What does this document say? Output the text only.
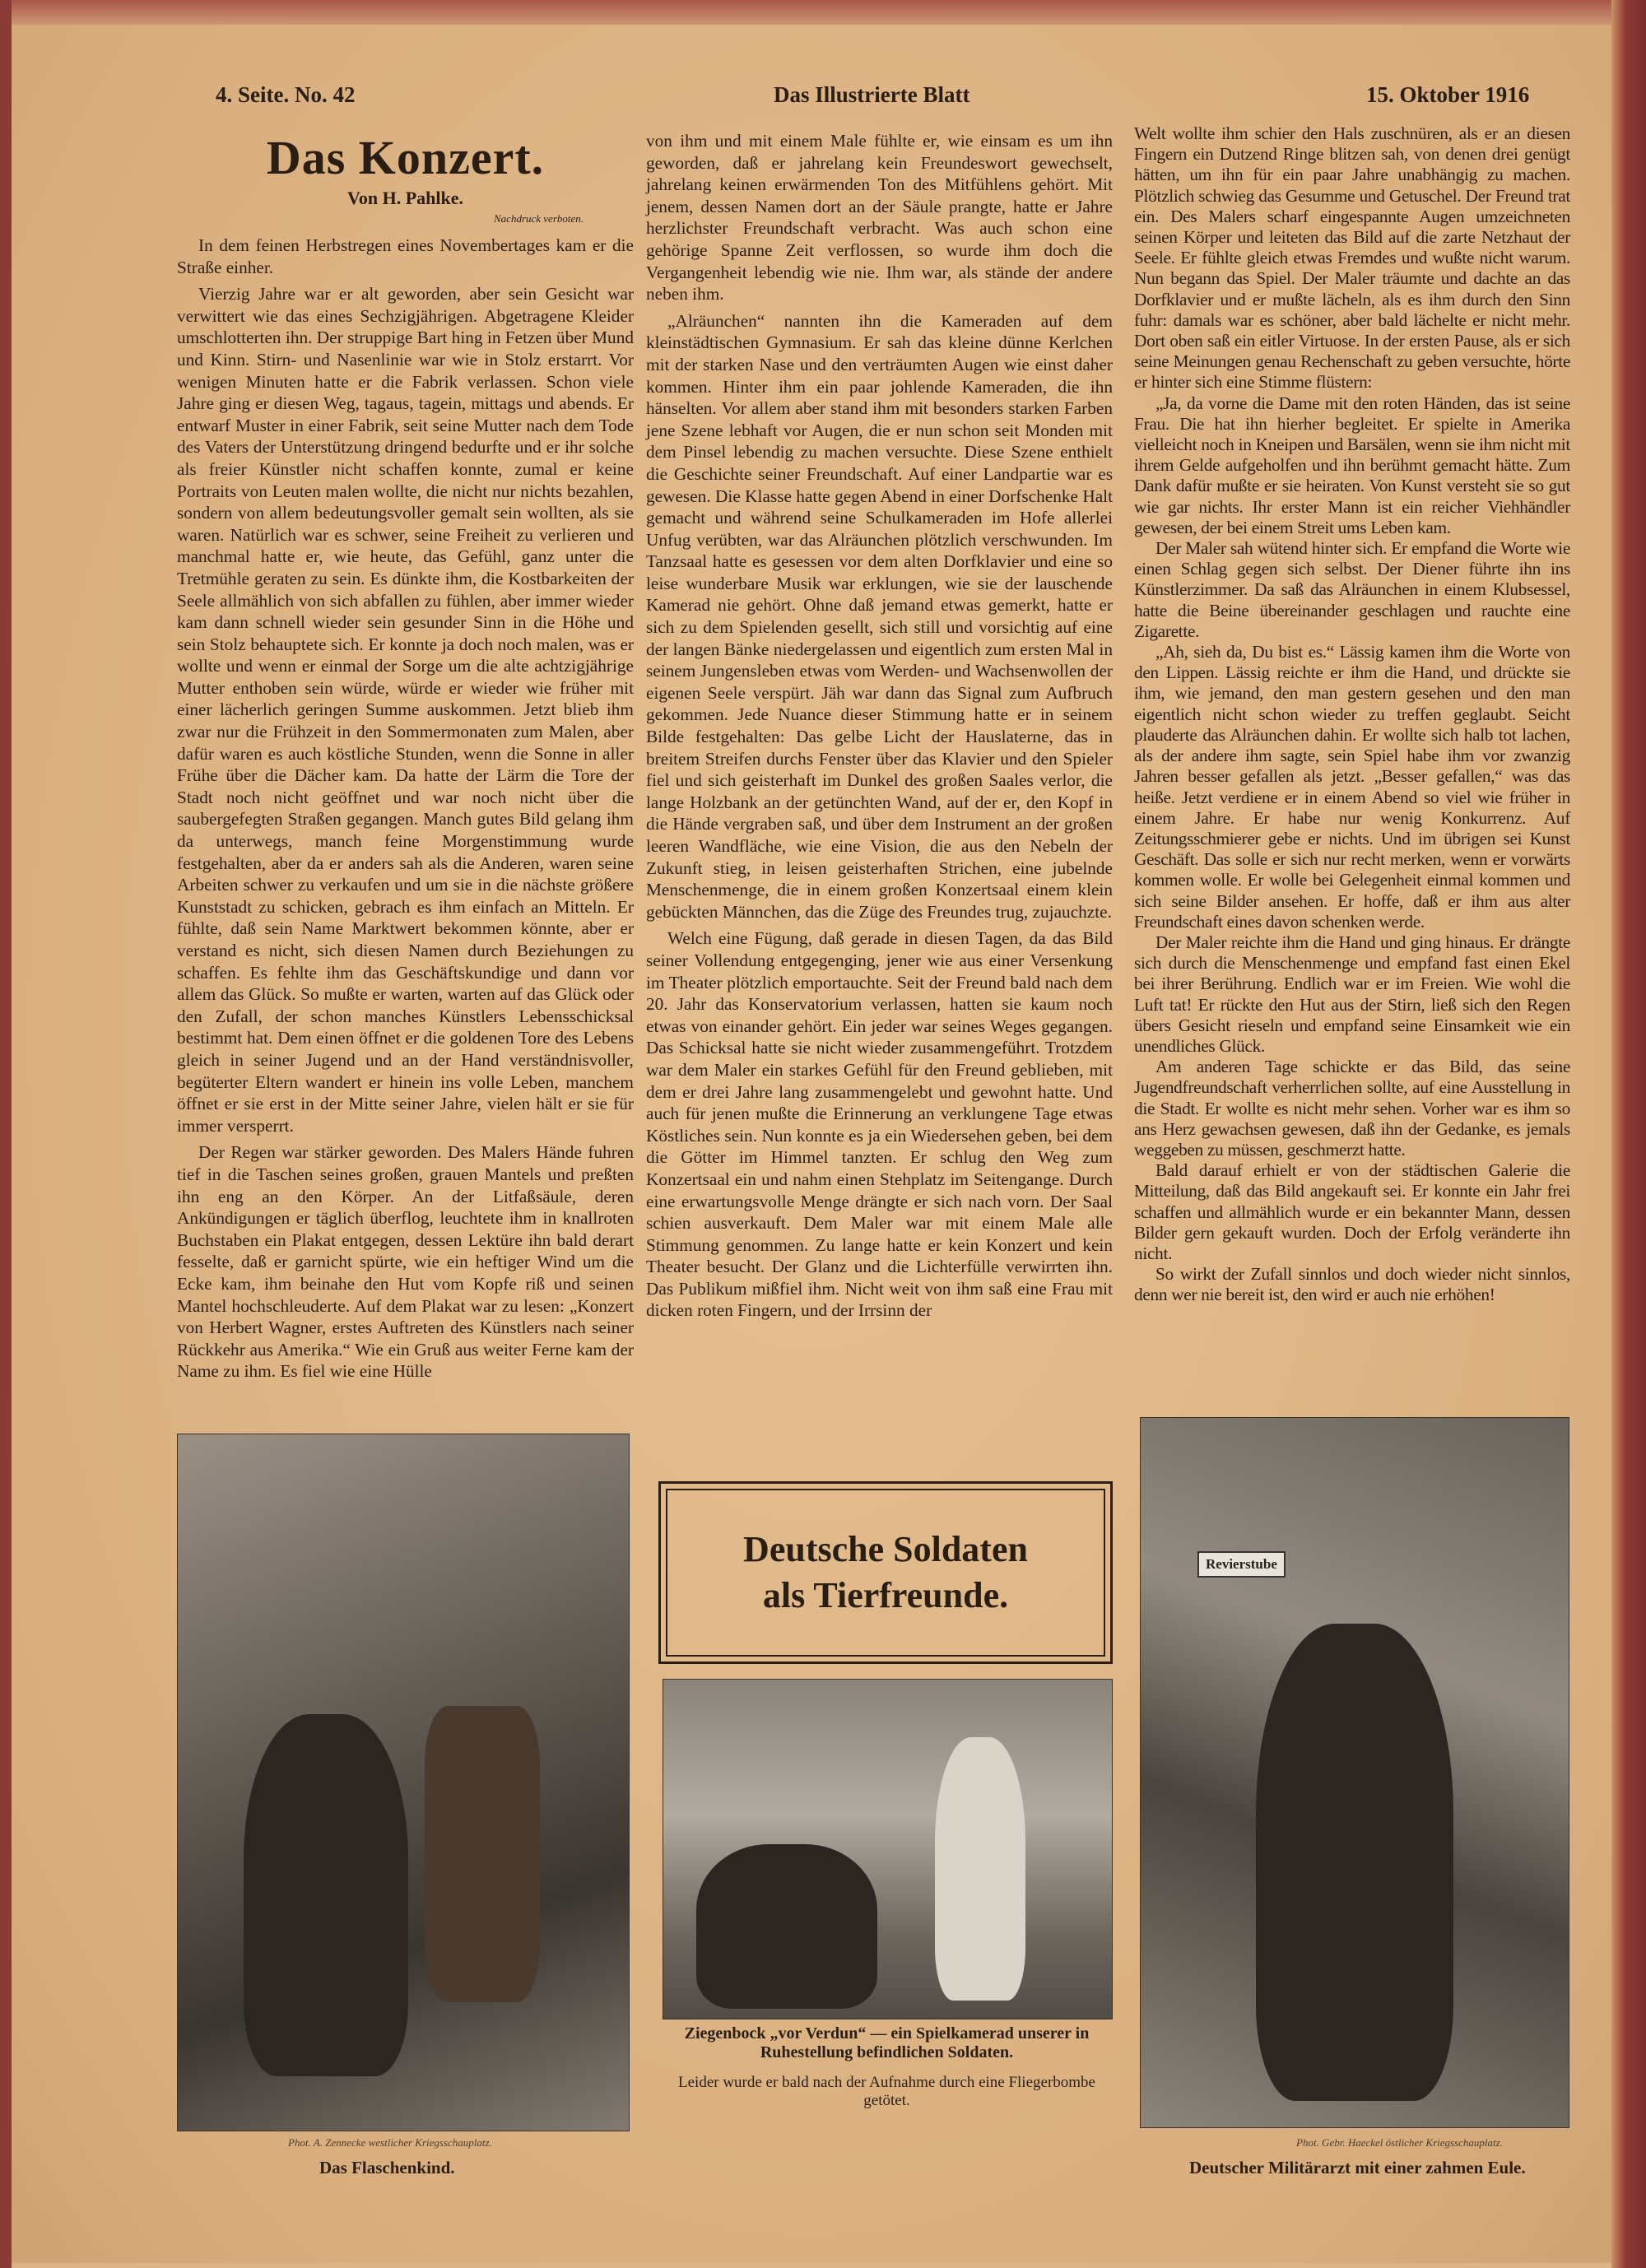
4. Seite. No. 42	Das Illustrierte Blatt	15. Oktober 1916
Das Konzert.
Von H. Pahlke.
Nachdruck verboten.

In dem feinen Herbstregen eines Novembertages kam er die Straße einher.

Vierzig Jahre war er alt geworden, aber sein Gesicht war verwittert wie das eines Sechzigjährigen. Abgetragene Kleider umschlotterten ihn. Der struppige Bart hing in Fetzen über Mund und Kinn. Stirn- und Nasenlinie war wie in Stolz erstarrt. Vor wenigen Minuten hatte er die Fabrik verlassen. Schon viele Jahre ging er diesen Weg, tagaus, tagein, mittags und abends. Er entwarf Muster in einer Fabrik, seit seine Mutter nach dem Tode des Vaters der Unterstützung dringend bedurfte und er ihr solche als freier Künstler nicht schaffen konnte, zumal er keine Portraits von Leuten malen wollte, die nicht nur nichts bezahlen, sondern von allem bedeutungsvoller gemalt sein wollten, als sie waren. Natürlich war es schwer, seine Freiheit zu verlieren und manchmal hatte er, wie heute, das Gefühl, ganz unter die Tretmühle geraten zu sein. Es dünkte ihm, die Kostbarkeiten der Seele allmählich von sich abfallen zu fühlen, aber immer wieder kam dann schnell wieder sein gesunder Sinn in die Höhe und sein Stolz behauptete sich. Er konnte ja doch noch malen, was er wollte und wenn er einmal der Sorge um die alte achtzigjährige Mutter enthoben sein würde, würde er wieder wie früher mit einer lächerlich geringen Summe auskommen. Jetzt blieb ihm zwar nur die Frühzeit in den Sommermonaten zum Malen, aber dafür waren es auch köstliche Stunden, wenn die Sonne in aller Frühe über die Dächer kam. Da hatte der Lärm die Tore der Stadt noch nicht geöffnet und war noch nicht über die saubergefegten Straßen gegangen. Manch gutes Bild gelang ihm da unterwegs, manch feine Morgenstimmung wurde festgehalten, aber da er anders sah als die Anderen, waren seine Arbeiten schwer zu verkaufen und um sie in die nächste größere Kunststadt zu schicken, gebrach es ihm einfach an Mitteln. Er fühlte, daß sein Name Marktwert bekommen könnte, aber er verstand es nicht, sich diesen Namen durch Beziehungen zu schaffen. Es fehlte ihm das Geschäftskundige und dann vor allem das Glück. So mußte er warten, warten auf das Glück oder den Zufall, der schon manches Künstlers Lebensschicksal bestimmt hat. Dem einen öffnet er die goldenen Tore des Lebens gleich in seiner Jugend und an der Hand verständnisvoller, begüterter Eltern wandert er hinein ins volle Leben, manchem öffnet er sie erst in der Mitte seiner Jahre, vielen hält er sie für immer versperrt.

Der Regen war stärker geworden. Des Malers Hände fuhren tief in die Taschen seines großen, grauen Mantels und preßten ihn eng an den Körper. An der Litfaßsäule, deren Ankündigungen er täglich überflog, leuchtete ihm in knallroten Buchstaben ein Plakat entgegen, dessen Lektüre ihn bald derart fesselte, daß er garnicht spürte, wie ein heftiger Wind um die Ecke kam, ihm beinahe den Hut vom Kopfe riß und seinen Mantel hochschleuderte. Auf dem Plakat war zu lesen: „Konzert von Herbert Wagner, erstes Auftreten des Künstlers nach seiner Rückkehr aus Amerika.“ Wie ein Gruß aus weiter Ferne kam der Name zu ihm. Es fiel wie eine Hülle

von ihm und mit einem Male fühlte er, wie einsam es um ihn geworden, daß er jahrelang kein Freundeswort gewechselt, jahrelang keinen erwärmenden Ton des Mitfühlens gehört. Mit jenem, dessen Namen dort an der Säule prangte, hatte er Jahre herzlichster Freundschaft verbracht. Was auch schon eine gehörige Spanne Zeit verflossen, so wurde ihm doch die Vergangenheit lebendig wie nie. Ihm war, als stände der andere neben ihm.

„Alräunchen“ nannten ihn die Kameraden auf dem kleinstädtischen Gymnasium. Er sah das kleine dünne Kerlchen mit der starken Nase und den verträumten Augen wie einst daher kommen. Hinter ihm ein paar johlende Kameraden, die ihn hänselten. Vor allem aber stand ihm mit besonders starken Farben jene Szene lebhaft vor Augen, die er nun schon seit Monden mit dem Pinsel lebendig zu machen versuchte. Diese Szene enthielt die Geschichte seiner Freundschaft. Auf einer Landpartie war es gewesen. Die Klasse hatte gegen Abend in einer Dorfschenke Halt gemacht und während seine Schulkameraden im Hofe allerlei Unfug verübten, war das Alräunchen plötzlich verschwunden. Im Tanzsaal hatte es gesessen vor dem alten Dorfklavier und eine so leise wunderbare Musik war erklungen, wie sie der lauschende Kamerad nie gehört. Ohne daß jemand etwas gemerkt, hatte er sich zu dem Spielenden gesellt, sich still und vorsichtig auf eine der langen Bänke niedergelassen und eigentlich zum ersten Mal in seinem Jungensleben etwas vom Werden- und Wachsenwollen der eigenen Seele verspürt. Jäh war dann das Signal zum Aufbruch gekommen. Jede Nuance dieser Stimmung hatte er in seinem Bilde festgehalten: Das gelbe Licht der Hauslaterne, das in breitem Streifen durchs Fenster über das Klavier und den Spieler fiel und sich geisterhaft im Dunkel des großen Saales verlor, die lange Holzbank an der getünchten Wand, auf der er, den Kopf in die Hände vergraben saß, und über dem Instrument an der großen leeren Wandfläche, wie eine Vision, die aus den Nebeln der Zukunft stieg, in leisen geisterhaften Strichen, eine jubelnde Menschenmenge, die in einem großen Konzertsaal einem klein gebückten Männchen, das die Züge des Freundes trug, zujauchzte.

Welch eine Fügung, daß gerade in diesen Tagen, da das Bild seiner Vollendung entgegenging, jener wie aus einer Versenkung im Theater plötzlich emportauchte. Seit der Freund bald nach dem 20. Jahr das Konservatorium verlassen, hatten sie kaum noch etwas von einander gehört. Ein jeder war seines Weges gegangen. Das Schicksal hatte sie nicht wieder zusammengeführt. Trotzdem war dem Maler ein starkes Gefühl für den Freund geblieben, mit dem er drei Jahre lang zusammengelebt und gewohnt hatte. Und auch für jenen mußte die Erinnerung an verklungene Tage etwas Köstliches sein. Nun konnte es ja ein Wiedersehen geben, bei dem die Götter im Himmel tanzten. Er schlug den Weg zum Konzertsaal ein und nahm einen Stehplatz im Seitengange. Durch eine erwartungsvolle Menge drängte er sich nach vorn. Der Saal schien ausverkauft. Dem Maler war mit einem Male alle Stimmung genommen. Zu lange hatte er kein Konzert und kein Theater besucht. Der Glanz und die Lichterfülle verwirrten ihn. Das Publikum mißfiel ihm. Nicht weit von ihm saß eine Frau mit dicken roten Fingern, und der Irrsinn der

Welt wollte ihm schier den Hals zuschnüren, als er an diesen Fingern ein Dutzend Ringe blitzen sah, von denen drei genügt hätten, um ihn für ein paar Jahre unabhängig zu machen. Plötzlich schwieg das Gesumme und Getuschel. Der Freund trat ein. Des Malers scharf eingespannte Augen umzeichneten seinen Körper und leiteten das Bild auf die zarte Netzhaut der Seele. Er fühlte gleich etwas Fremdes und wußte nicht warum. Nun begann das Spiel. Der Maler träumte und dachte an das Dorfklavier und er mußte lächeln, als es ihm durch den Sinn fuhr: damals war es schöner, aber bald lächelte er nicht mehr. Dort oben saß ein eitler Virtuose. In der ersten Pause, als er sich seine Meinungen genau Rechenschaft zu geben versuchte, hörte er hinter sich eine Stimme flüstern:

„Ja, da vorne die Dame mit den roten Händen, das ist seine Frau. Die hat ihn hierher begleitet. Er spielte in Amerika vielleicht noch in Kneipen und Barsälen, wenn sie ihm nicht mit ihrem Gelde aufgeholfen und ihn berühmt gemacht hätte. Zum Dank dafür mußte er sie heiraten. Von Kunst versteht sie so gut wie gar nichts. Ihr erster Mann ist ein reicher Viehhändler gewesen, der bei einem Streit ums Leben kam.

Der Maler sah wütend hinter sich. Er empfand die Worte wie einen Schlag gegen sich selbst. Der Diener führte ihn ins Künstlerzimmer. Da saß das Alräunchen in einem Klubsessel, hatte die Beine übereinander geschlagen und rauchte eine Zigarette.

„Ah, sieh da, Du bist es.“ Lässig kamen ihm die Worte von den Lippen. Lässig reichte er ihm die Hand, und drückte sie ihm, wie jemand, den man gestern gesehen und den man eigentlich nicht schon wieder zu treffen geglaubt. Seicht plauderte das Alräunchen dahin. Er wollte sich halb tot lachen, als der andere ihm sagte, sein Spiel habe ihm vor zwanzig Jahren besser gefallen als jetzt. „Besser gefallen,“ was das heiße. Jetzt verdiene er in einem Abend so viel wie früher in einem Jahre. Er habe nur wenig Konkurrenz. Auf Zeitungsschmierer gebe er nichts. Und im übrigen sei Kunst Geschäft. Das solle er sich nur recht merken, wenn er vorwärts kommen wolle. Er wolle bei Gelegenheit einmal kommen und sich seine Bilder ansehen. Er hoffe, daß er ihm aus alter Freundschaft eines davon schenken werde.

Der Maler reichte ihm die Hand und ging hinaus. Er drängte sich durch die Menschenmenge und empfand fast einen Ekel bei ihrer Berührung. Endlich war er im Freien. Wie wohl die Luft tat! Er rückte den Hut aus der Stirn, ließ sich den Regen übers Gesicht rieseln und empfand seine Einsamkeit wie ein unendliches Glück.

Am anderen Tage schickte er das Bild, das seine Jugendfreundschaft verherrlichen sollte, auf eine Ausstellung in die Stadt. Er wollte es nicht mehr sehen. Vorher war es ihm so ans Herz gewachsen gewesen, daß ihn der Gedanke, es jemals weggeben zu müssen, geschmerzt hatte.

Bald darauf erhielt er von der städtischen Galerie die Mitteilung, daß das Bild angekauft sei. Er konnte ein Jahr frei schaffen und allmählich wurde er ein bekannter Mann, dessen Bilder gern gekauft wurden. Doch der Erfolg veränderte ihn nicht.

So wirkt der Zufall sinnlos und doch wieder nicht sinnlos, denn wer nie bereit ist, den wird er auch nie erhöhen!

Phot. A. Zennecke westlicher Kriegsschauplatz.
Das Flaschenkind.
Deutsche Soldaten
als Tierfreunde.
Ziegenbock „vor Verdun“ — ein Spielkamerad unserer in Ruhestellung befindlichen Soldaten.
Leider wurde er bald nach der Aufnahme durch eine Fliegerbombe getötet.
Revierstube
Phot. Gebr. Haeckel östlicher Kriegsschauplatz.
Deutscher Militärarzt mit einer zahmen Eule.
